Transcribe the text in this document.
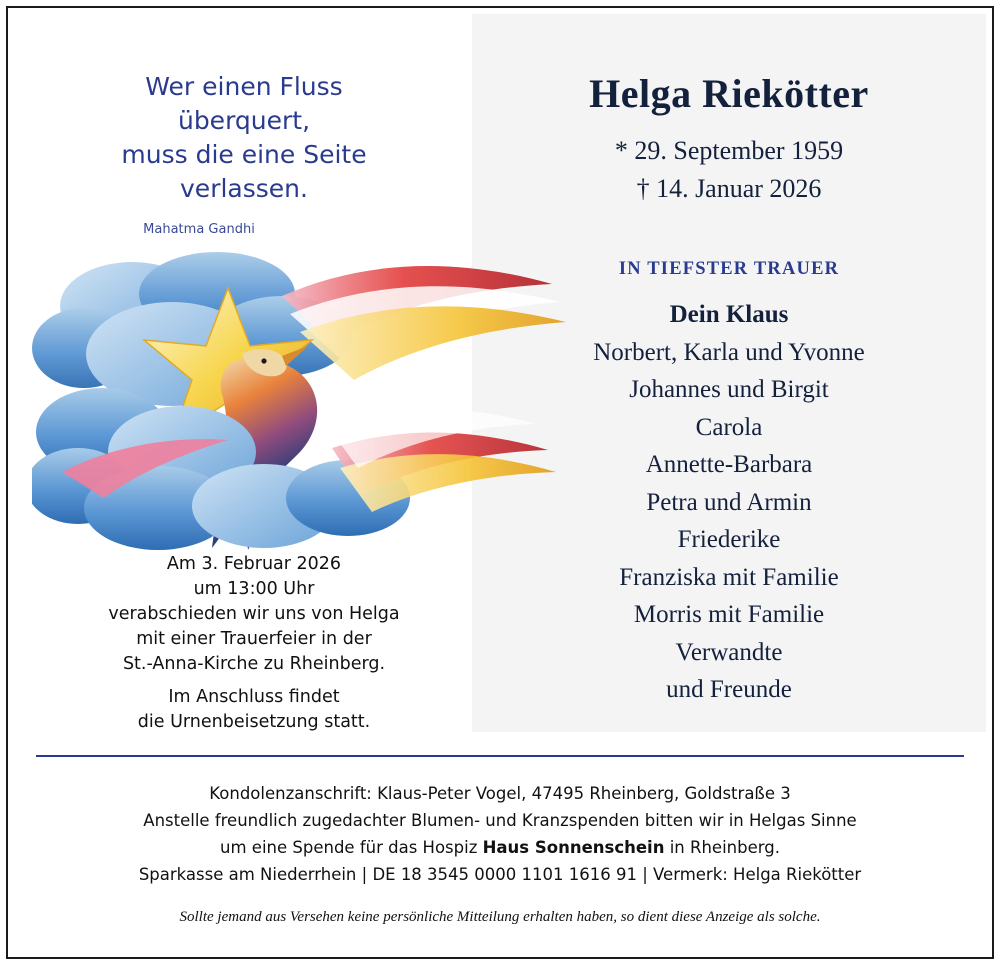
Wer einen Fluss
überquert,
muss die eine Seite
verlassen.
Mahatma Gandhi
Am 3. Februar 2026
um 13:00 Uhr
verabschieden wir uns von Helga
mit einer Trauerfeier in der
St.-Anna-Kirche zu Rheinberg.
Im Anschluss findet
die Urnenbeisetzung statt.
Helga Riekötter
* 29. September 1959
† 14. Januar 2026
IN TIEFSTER TRAUER
Dein Klaus
Norbert, Karla und Yvonne
Johannes und Birgit
Carola
Annette-Barbara
Petra und Armin
Friederike
Franziska mit Familie
Morris mit Familie
Verwandte
und Freunde
Kondolenzanschrift: Klaus-Peter Vogel, 47495 Rheinberg, Goldstraße 3
Anstelle freundlich zugedachter Blumen- und Kranzspenden bitten wir in Helgas Sinne
um eine Spende für das Hospiz Haus Sonnenschein in Rheinberg.
Sparkasse am Niederrhein | DE 18 3545 0000 1101 1616 91 | Vermerk: Helga Riekötter
Sollte jemand aus Versehen keine persönliche Mitteilung erhalten haben, so dient diese Anzeige als solche.
